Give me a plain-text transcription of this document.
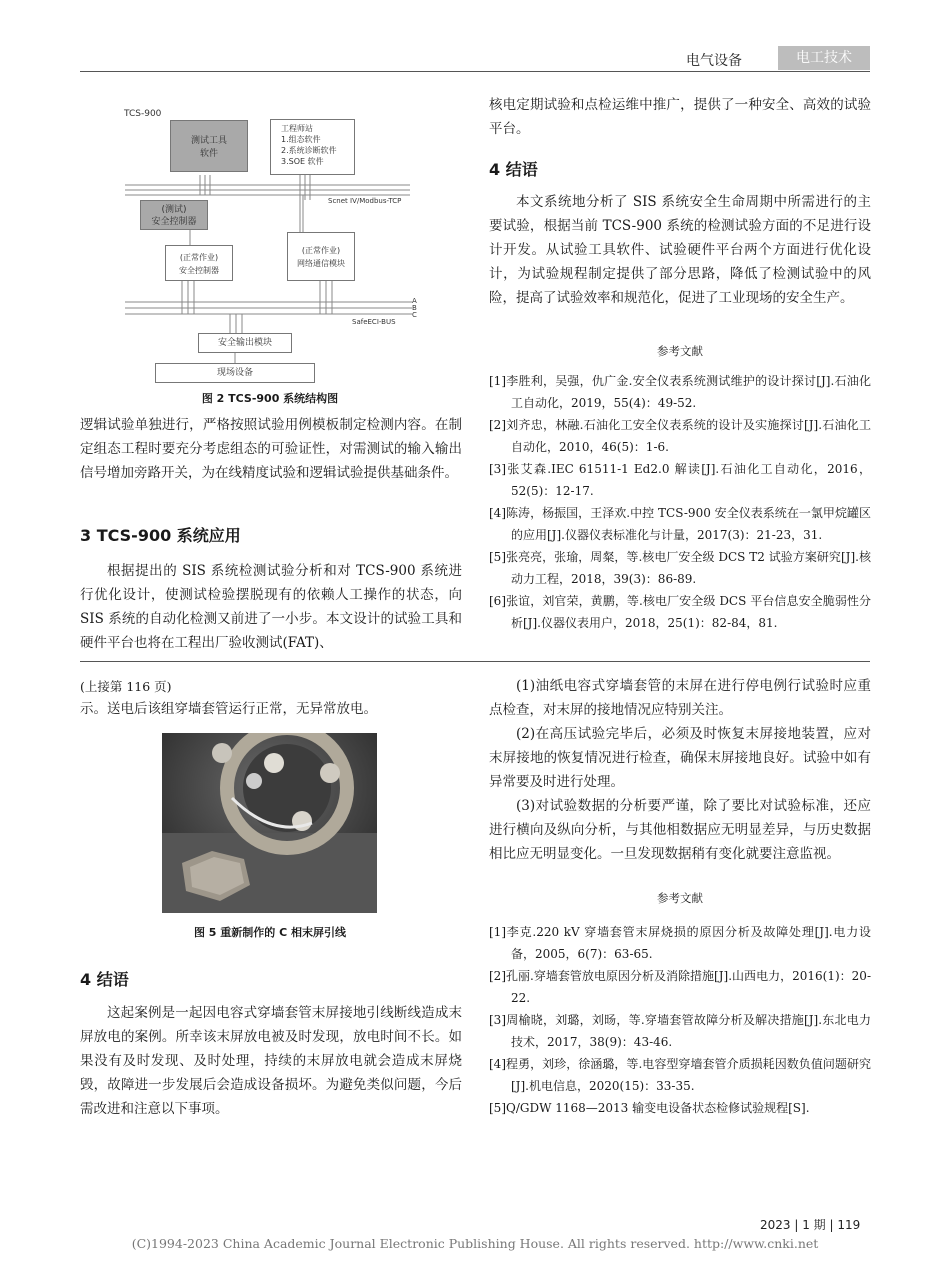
电气设备	电工技术
TCS-900
测试工具
软件
工程师站
1.组态软件
2.系统诊断软件
3.SOE 软件
Scnet IV/Modbus-TCP
(测试)
安全控制器
(正常作业)
安全控制器
(正常作业)
网络通信模块
A
B
C
SafeECI-BUS
安全输出模块
现场设备
图 2 TCS-900 系统结构图

逻辑试验单独进行，严格按照试验用例模板制定检测内容。在制定组态工程时要充分考虑组态的可验证性，对需测试的输入输出信号增加旁路开关，为在线精度试验和逻辑试验提供基础条件。

3 TCS-900 系统应用

根据提出的 SIS 系统检测试验分析和对 TCS-900 系统进行优化设计，使测试检验摆脱现有的依赖人工操作的状态，向 SIS 系统的自动化检测又前进了一小步。本文设计的试验工具和硬件平台也将在工程出厂验收测试(FAT)、

核电定期试验和点检运维中推广，提供了一种安全、高效的试验平台。

4 结语

本文系统地分析了 SIS 系统安全生命周期中所需进行的主要试验，根据当前 TCS-900 系统的检测试验方面的不足进行设计开发。从试验工具软件、试验硬件平台两个方面进行优化设计，为试验规程制定提供了部分思路，降低了检测试验中的风险，提高了试验效率和规范化，促进了工业现场的安全生产。

参考文献
[1]李胜利，吴强，仇广金.安全仪表系统测试维护的设计探讨[J].石油化工自动化，2019，55(4)：49-52.
[2]刘齐忠，林融.石油化工安全仪表系统的设计及实施探讨[J].石油化工自动化，2010，46(5)：1-6.
[3]张艾森.IEC 61511-1 Ed2.0 解读[J].石油化工自动化，2016，52(5)：12-17.
[4]陈涛，杨振国，王泽欢.中控 TCS-900 安全仪表系统在一氯甲烷罐区的应用[J].仪器仪表标准化与计量，2017(3)：21-23，31.
[5]张亮亮，张瑜，周粲，等.核电厂安全级 DCS T2 试验方案研究[J].核动力工程，2018，39(3)：86-89.
[6]张谊，刘官荣，黄鹏，等.核电厂安全级 DCS 平台信息安全脆弱性分析[J].仪器仪表用户，2018，25(1)：82-84，81.
(上接第 116 页)

示。送电后该组穿墙套管运行正常，无异常放电。

图 5 重新制作的 C 相末屏引线
4 结语

这起案例是一起因电容式穿墙套管末屏接地引线断线造成末屏放电的案例。所幸该末屏放电被及时发现，放电时间不长。如果没有及时发现、及时处理，持续的末屏放电就会造成末屏烧毁，故障进一步发展后会造成设备损坏。为避免类似问题，今后需改进和注意以下事项。

(1)油纸电容式穿墙套管的末屏在进行停电例行试验时应重点检查，对末屏的接地情况应特别关注。

(2)在高压试验完毕后，必须及时恢复末屏接地装置，应对末屏接地的恢复情况进行检查，确保末屏接地良好。试验中如有异常要及时进行处理。

(3)对试验数据的分析要严谨，除了要比对试验标准，还应进行横向及纵向分析，与其他相数据应无明显差异，与历史数据相比应无明显变化。一旦发现数据稍有变化就要注意监视。

参考文献
[1]李克.220 kV 穿墙套管末屏烧损的原因分析及故障处理[J].电力设备，2005，6(7)：63-65.
[2]孔丽.穿墙套管放电原因分析及消除措施[J].山西电力，2016(1)：20-22.
[3]周榆晓，刘璐，刘旸，等.穿墙套管故障分析及解决措施[J].东北电力技术，2017，38(9)：43-46.
[4]程勇，刘珍，徐涵璐，等.电容型穿墙套管介质损耗因数负值问题研究[J].机电信息，2020(15)：33-35.
[5]Q/GDW 1168—2013 输变电设备状态检修试验规程[S].
2023 | 1 期 | 119
(C)1994-2023 China Academic Journal Electronic Publishing House. All rights reserved. http://www.cnki.net
